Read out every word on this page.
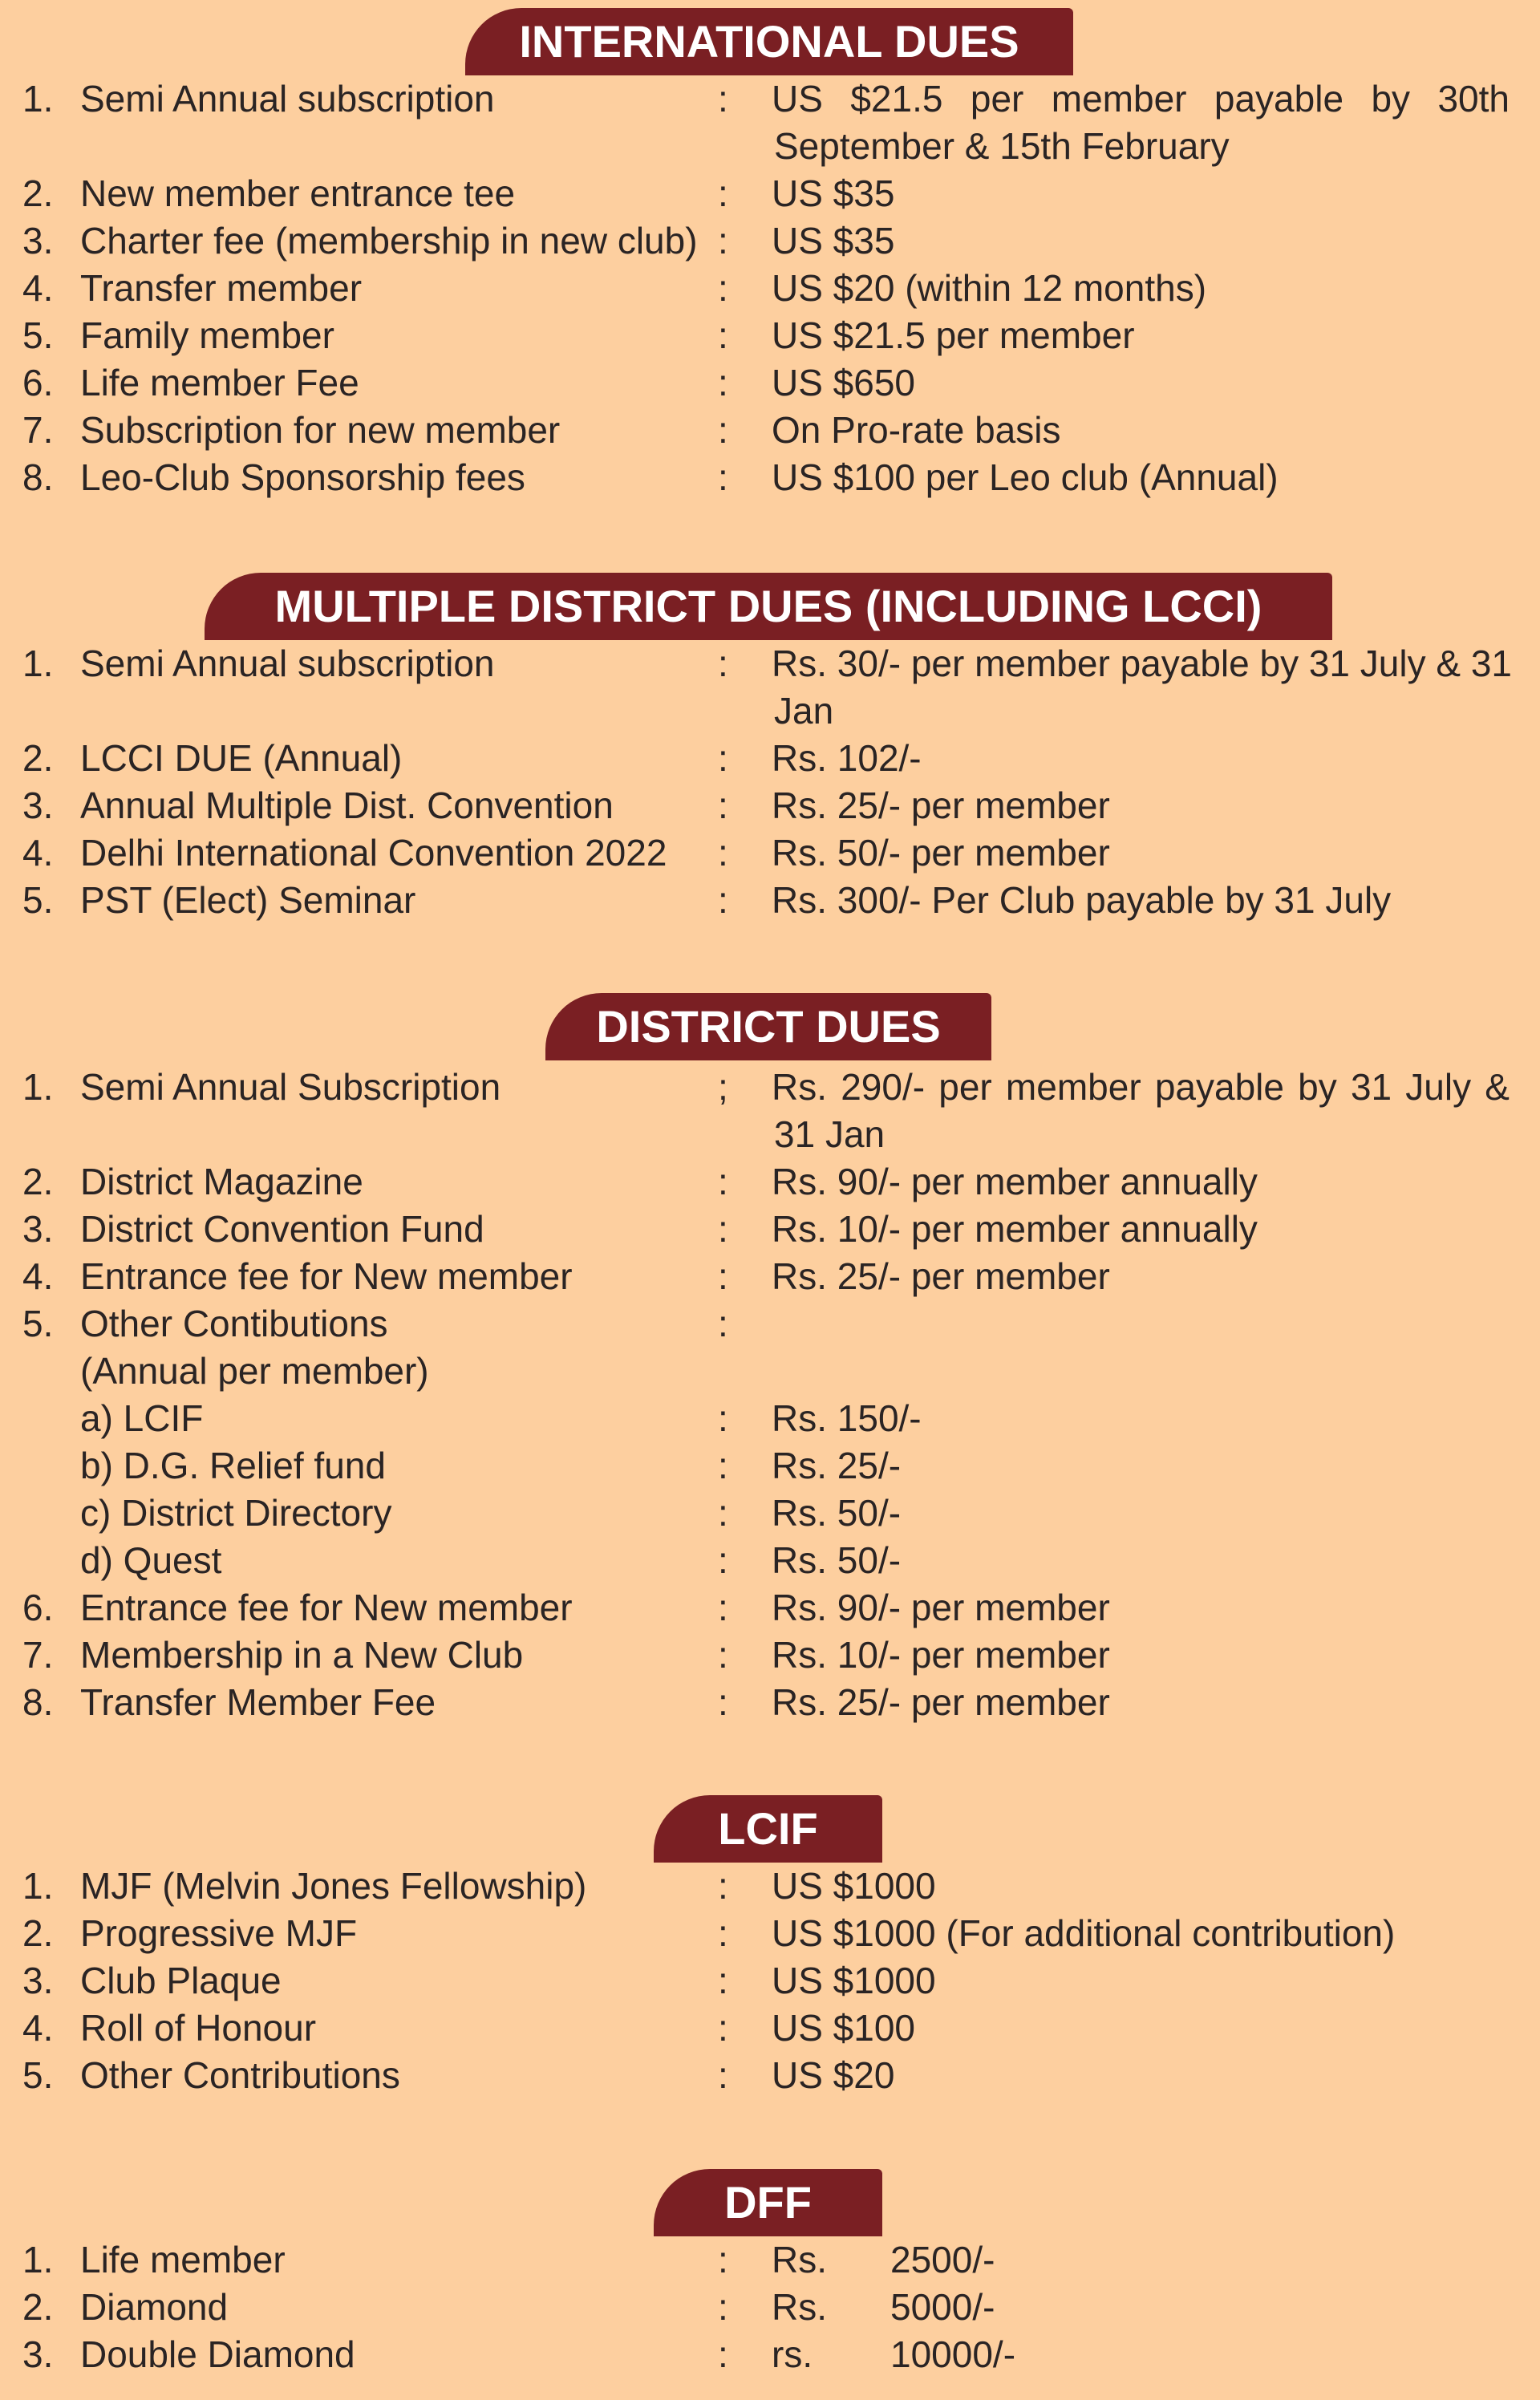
INTERNATIONAL DUES
1. Semi Annual subscription	: US $21.5 per member payable by 30th
September & 15th February
2. New member entrance tee	: US $35
3. Charter fee (membership in new club) : US $35
4. Transfer member	: US $20 (within 12 months)
5. Family member	: US $21.5 per member
6. Life member Fee	: US $650
7. Subscription for new member	: On Pro-rate basis
8. Leo-Club Sponsorship fees	: US $100 per Leo club (Annual)
MULTIPLE DISTRICT DUES (INCLUDING LCCI)
1. Semi Annual subscription	: Rs. 30/- per member payable by 31 July & 31
Jan
2. LCCI DUE (Annual)	: Rs. 102/-
3. Annual Multiple Dist. Convention	: Rs. 25/- per member
4. Delhi International Convention 2022 : Rs. 50/- per member
5. PST (Elect) Seminar	: Rs. 300/- Per Club payable by 31 July
DISTRICT DUES
1. Semi Annual Subscription	; Rs. 290/- per member payable by 31 July &
31 Jan
2. District Magazine	: Rs. 90/- per member annually
3. District Convention Fund	: Rs. 10/- per member annually
4. Entrance fee for New member	: Rs. 25/- per member
5. Other Contibutions	:
(Annual per member)
a) LCIF	: Rs. 150/-
b) D.G. Relief fund	: Rs. 25/-
c) District Directory	: Rs. 50/-
d) Quest	: Rs. 50/-
6. Entrance fee for New member	: Rs. 90/- per member
7. Membership in a New Club	: Rs. 10/- per member
8. Transfer Member Fee	: Rs. 25/- per member
LCIF
1. MJF (Melvin Jones Fellowship)	: US $1000
2. Progressive MJF	: US $1000 (For additional contribution)
3. Club Plaque	: US $1000
4. Roll of Honour	: US $100
5. Other Contributions	: US $20
DFF
1. Life member	: Rs. 2500/-
2. Diamond	: Rs. 5000/-
3. Double Diamond	: rs. 10000/-
